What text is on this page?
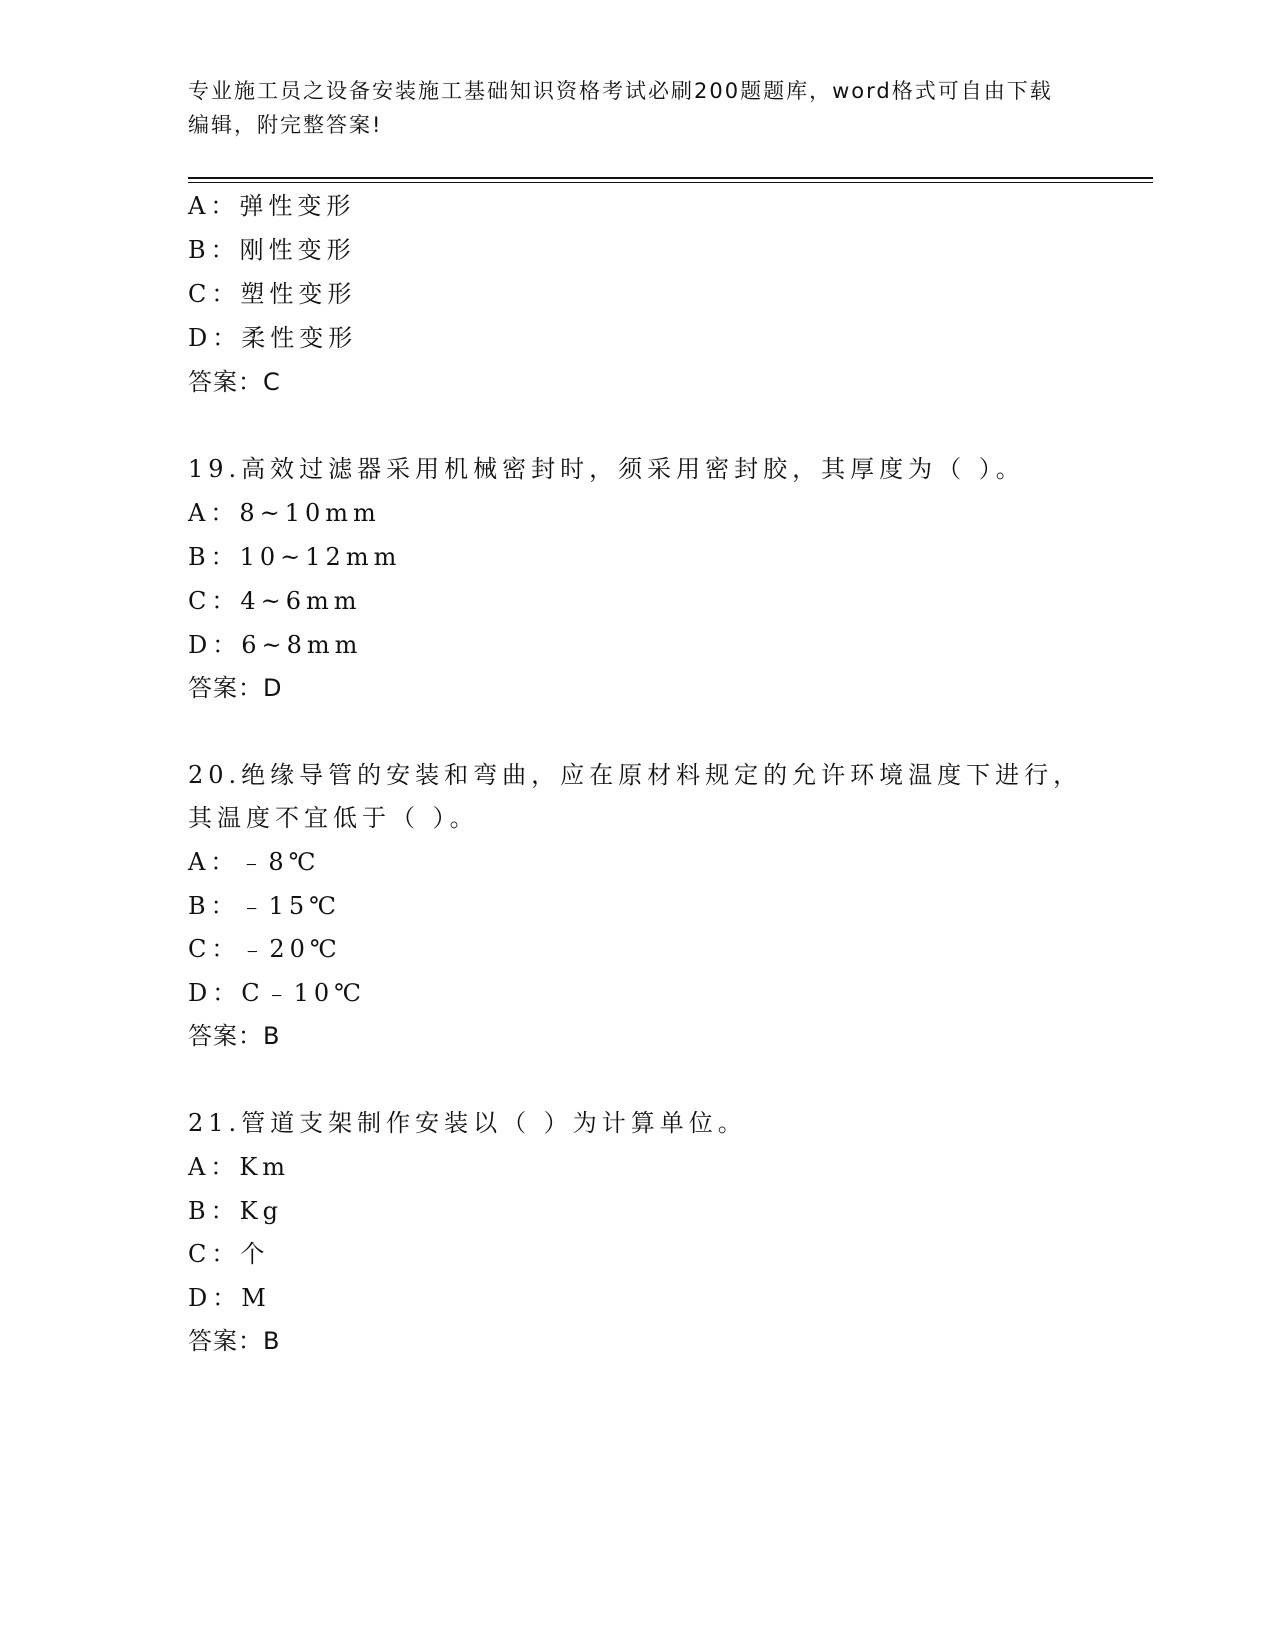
专业施工员之设备安装施工基础知识资格考试必刷200题题库，word格式可自由下载编辑，附完整答案!
A：弹性变形
B：刚性变形
C：塑性变形
D：柔性变形
答案：C
19.高效过滤器采用机械密封时，须采用密封胶，其厚度为（ ）。
A：8~10mm
B：10~12mm
C：4~6mm
D：6~8mm
答案：D
20.绝缘导管的安装和弯曲，应在原材料规定的允许环境温度下进行，
其温度不宜低于（ ）。
A：﹣8℃
B：﹣15℃
C：﹣20℃
D：C﹣10℃
答案：B
21.管道支架制作安装以（ ）为计算单位。
A：Km
B：Kg
C：个
D：M
答案：B
